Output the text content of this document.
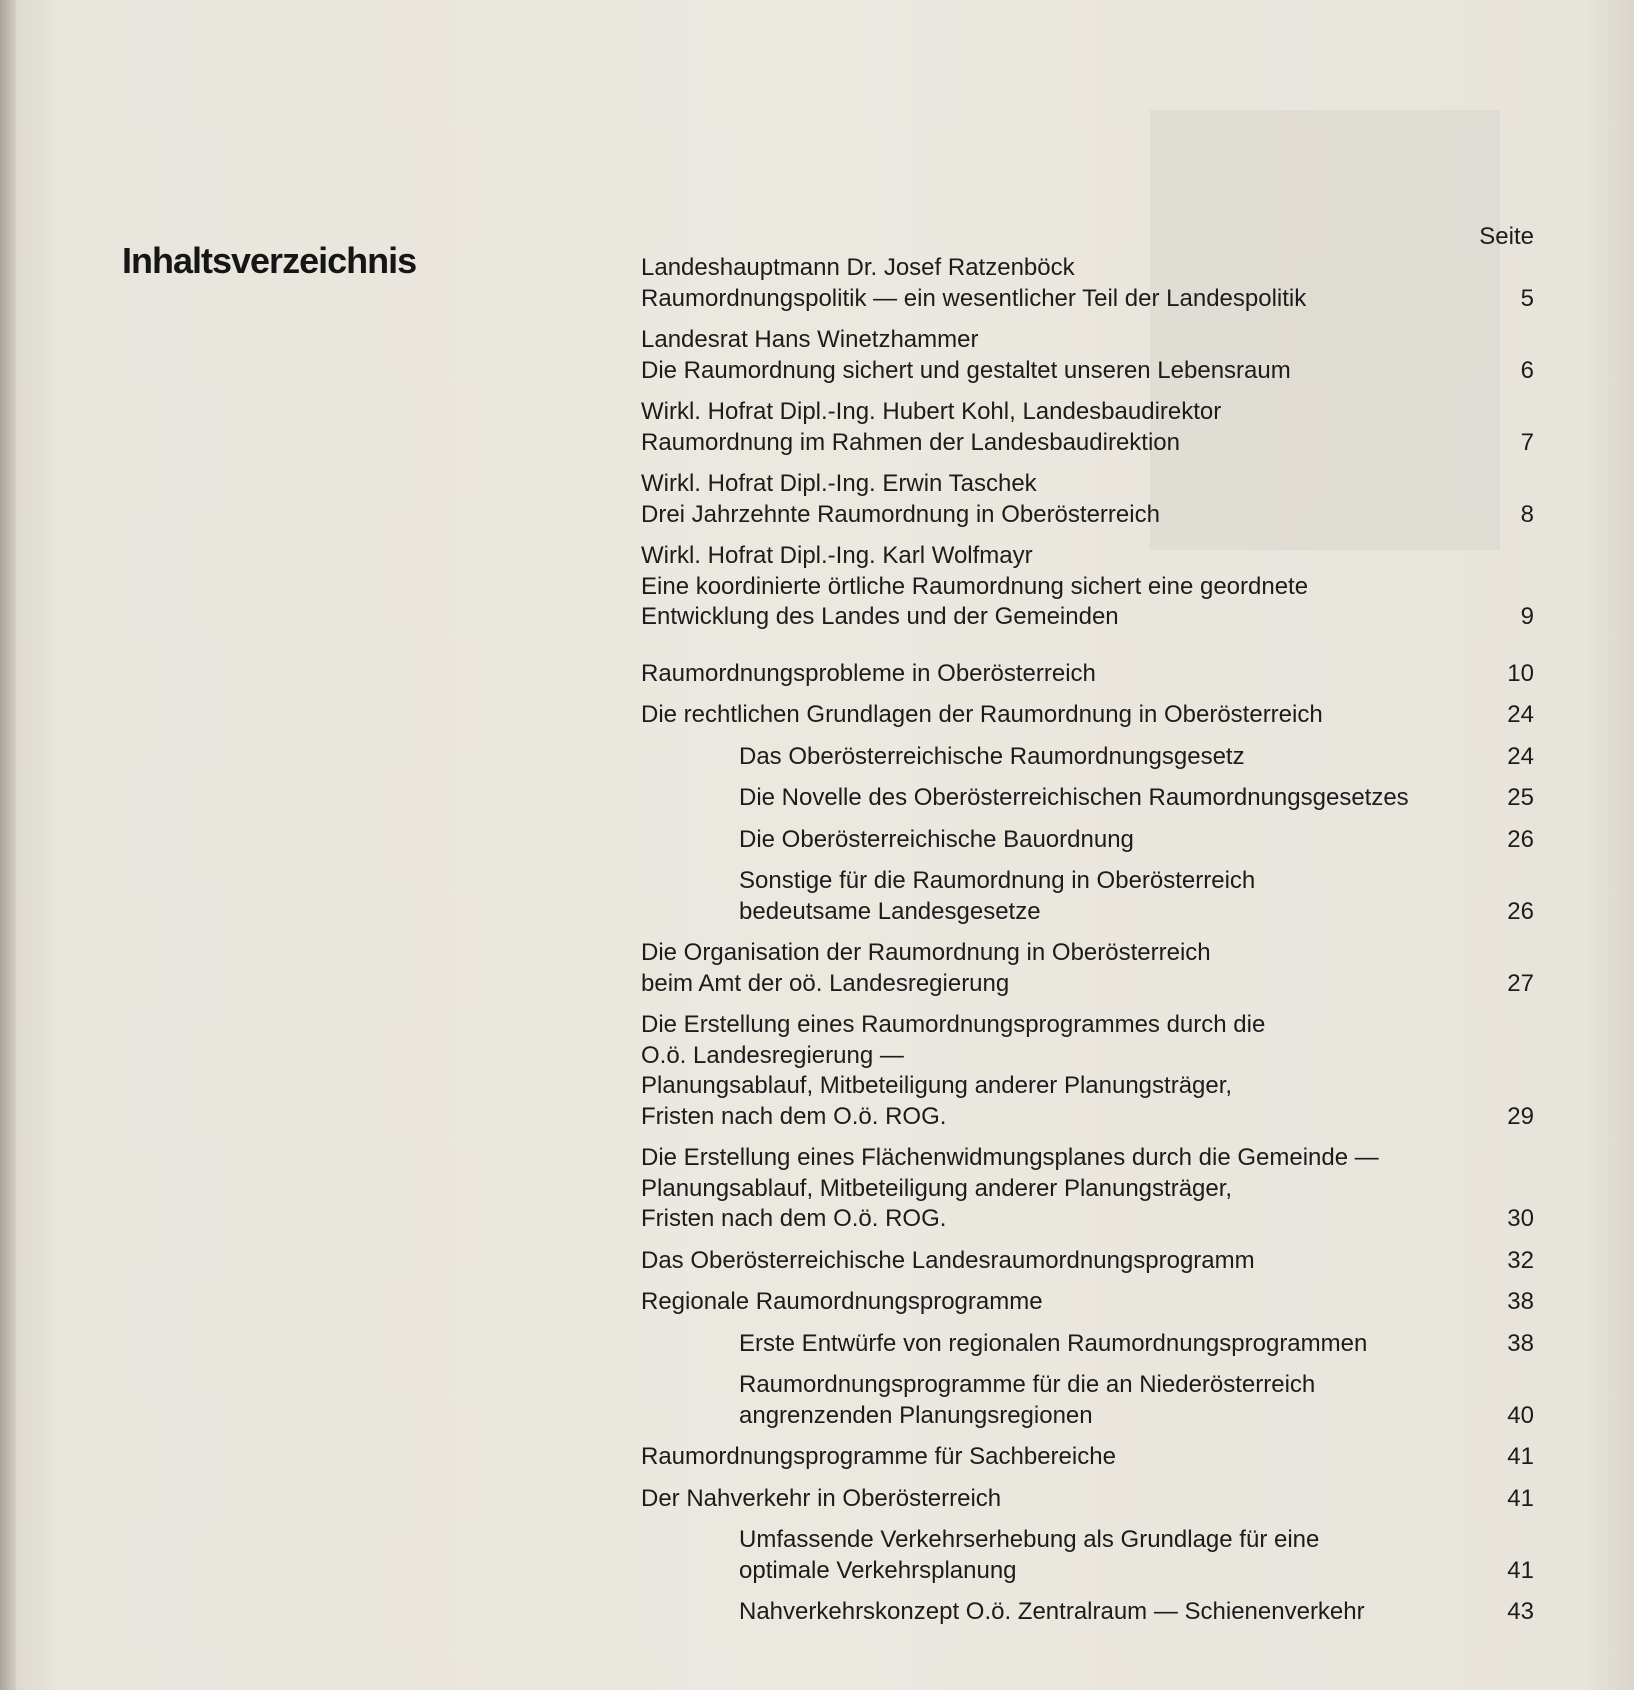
Inhaltsverzeichnis
Seite
Landeshauptmann Dr. Josef Ratzenböck
Raumordnungspolitik — ein wesentlicher Teil der Landespolitik	5
Landesrat Hans Winetzhammer
Die Raumordnung sichert und gestaltet unseren Lebensraum	6
Wirkl. Hofrat Dipl.-Ing. Hubert Kohl, Landesbaudirektor
Raumordnung im Rahmen der Landesbaudirektion	7
Wirkl. Hofrat Dipl.-Ing. Erwin Taschek
Drei Jahrzehnte Raumordnung in Oberösterreich	8
Wirkl. Hofrat Dipl.-Ing. Karl Wolfmayr
Eine koordinierte örtliche Raumordnung sichert eine geordnete
Entwicklung des Landes und der Gemeinden	9
Raumordnungsprobleme in Oberösterreich	10
Die rechtlichen Grundlagen der Raumordnung in Oberösterreich	24
Das Oberösterreichische Raumordnungsgesetz	24
Die Novelle des Oberösterreichischen Raumordnungsgesetzes	25
Die Oberösterreichische Bauordnung	26
Sonstige für die Raumordnung in Oberösterreich
bedeutsame Landesgesetze	26
Die Organisation der Raumordnung in Oberösterreich
beim Amt der oö. Landesregierung	27
Die Erstellung eines Raumordnungsprogrammes durch die
O.ö. Landesregierung —
Planungsablauf, Mitbeteiligung anderer Planungsträger,
Fristen nach dem O.ö. ROG.	29
Die Erstellung eines Flächenwidmungsplanes durch die Gemeinde —
Planungsablauf, Mitbeteiligung anderer Planungsträger,
Fristen nach dem O.ö. ROG.	30
Das Oberösterreichische Landesraumordnungsprogramm	32
Regionale Raumordnungsprogramme	38
Erste Entwürfe von regionalen Raumordnungsprogrammen	38
Raumordnungsprogramme für die an Niederösterreich
angrenzenden Planungsregionen	40
Raumordnungsprogramme für Sachbereiche	41
Der Nahverkehr in Oberösterreich	41
Umfassende Verkehrserhebung als Grundlage für eine
optimale Verkehrsplanung	41
Nahverkehrskonzept O.ö. Zentralraum — Schienenverkehr	43
